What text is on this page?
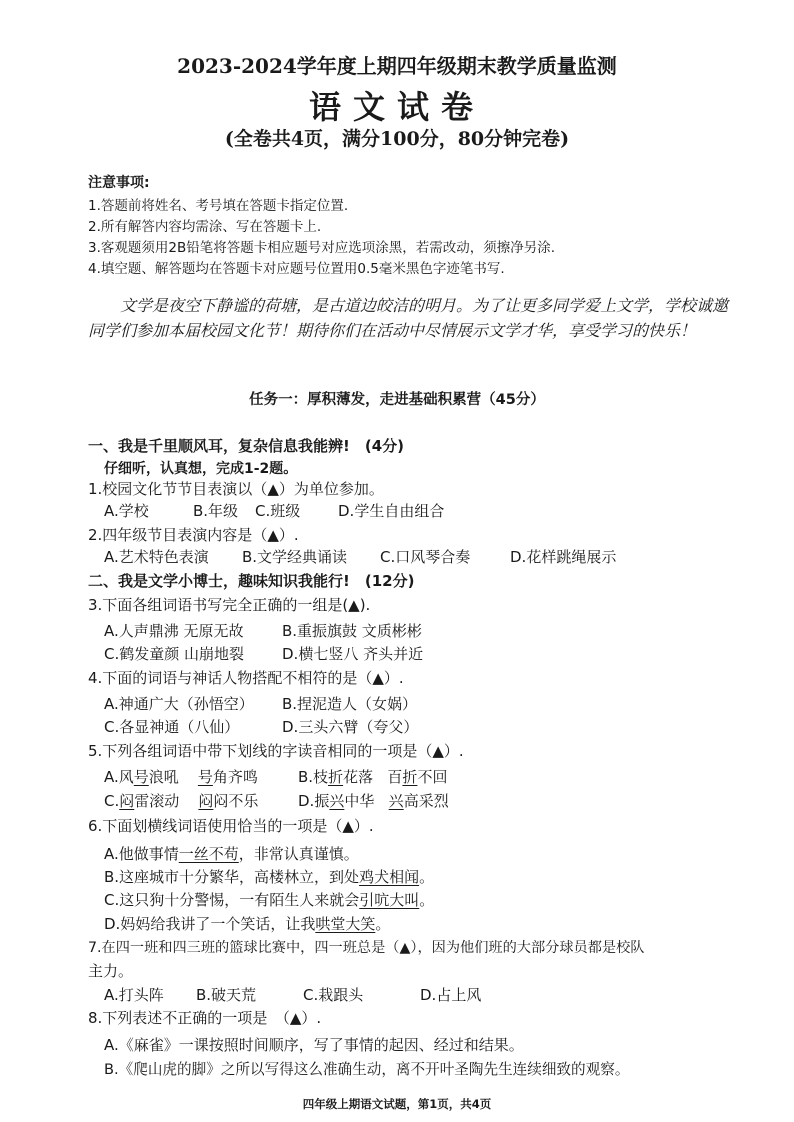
2023-2024学年度上期四年级期末教学质量监测
语文试卷
(全卷共4页，满分100分，80分钟完卷)
注意事项:
1.答题前将姓名、考号填在答题卡指定位置.
2.所有解答内容均需涂、写在答题卡上.
3.客观题须用2B铅笔将答题卡相应题号对应选项涂黑，若需改动，须擦净另涂.
4.填空题、解答题均在答题卡对应题号位置用0.5毫米黑色字迹笔书写.
文学是夜空下静谧的荷塘，是古道边皎洁的明月。为了让更多同学爱上文学，学校诚邀同学们参加本届校园文化节！期待你们在活动中尽情展示文学才华，享受学习的快乐！
任务一：厚积薄发，走进基础积累营（45分）
一、我是千里顺风耳，复杂信息我能辨!　(4分)
仔细听，认真想，完成1-2题。
1.校园文化节节目表演以（▲）为单位参加。
A.学校	B.年级 C.班级	D.学生自由组合
2.四年级节目表演内容是（▲）.
A.艺术特色表演 B.文学经典诵读 C.口风琴合奏	D.花样跳绳展示
二、我是文学小博士，趣味知识我能行!　(12分)
3.下面各组词语书写完全正确的一组是(▲).
A.人声鼎沸 无原无故	B.重振旗鼓 文质彬彬
C.鹤发童颜 山崩地裂	D.横七竖八 齐头并近
4.下面的词语与神话人物搭配不相符的是（▲）.
A.神通广大（孙悟空） B.捏泥造人（女娲）
C.各显神通（八仙）	D.三头六臂（夸父）
5.下列各组词语中带下划线的字读音相同的一项是（▲）.
A.风号浪吼 号角齐鸣	B.枝折花落 百折不回
C.闷雷滚动 闷闷不乐	D.振兴中华 兴高采烈
6.下面划横线词语使用恰当的一项是（▲）.
A.他做事情一丝不苟，非常认真谨慎。
B.这座城市十分繁华，高楼林立，到处鸡犬相闻。
C.这只狗十分警惕，一有陌生人来就会引吭大叫。
D.妈妈给我讲了一个笑话，让我哄堂大笑。
7.在四一班和四三班的篮球比赛中，四一班总是（▲），因为他们班的大部分球员都是校队
主力。
A.打头阵 B.破天荒	C.栽跟头	D.占上风
8.下列表述不正确的一项是　（▲）.
A.《麻雀》一课按照时间顺序，写了事情的起因、经过和结果。
B.《爬山虎的脚》之所以写得这么准确生动，离不开叶圣陶先生连续细致的观察。
四年级上期语文试题，第1页，共4页
